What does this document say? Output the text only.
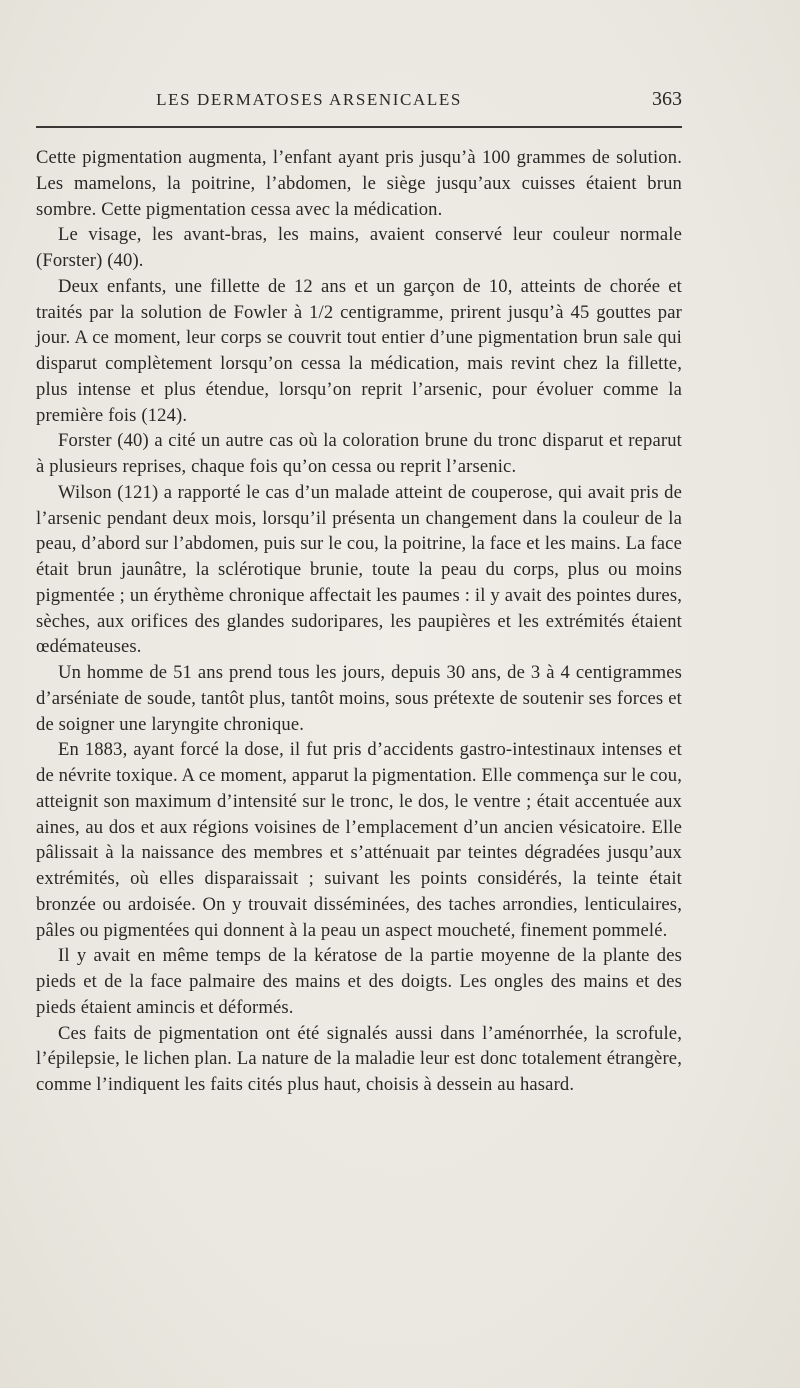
LES DERMATOSES ARSENICALES	363

Cette pigmentation augmenta, l’enfant ayant pris jusqu’à 100 grammes de solution. Les mamelons, la poitrine, l’abdomen, le siège jusqu’aux cuisses étaient brun sombre. Cette pigmentation cessa avec la médication.

Le visage, les avant-bras, les mains, avaient conservé leur couleur normale (Forster) (40).

Deux enfants, une fillette de 12 ans et un garçon de 10, atteints de chorée et traités par la solution de Fowler à 1/2 centigramme, prirent jusqu’à 45 gouttes par jour. A ce moment, leur corps se couvrit tout entier d’une pigmentation brun sale qui disparut complètement lorsqu’on cessa la médication, mais revint chez la fillette, plus intense et plus étendue, lorsqu’on reprit l’arsenic, pour évoluer comme la première fois (124).

Forster (40) a cité un autre cas où la coloration brune du tronc disparut et reparut à plusieurs reprises, chaque fois qu’on cessa ou reprit l’arsenic.

Wilson (121) a rapporté le cas d’un malade atteint de couperose, qui avait pris de l’arsenic pendant deux mois, lorsqu’il présenta un changement dans la couleur de la peau, d’abord sur l’abdomen, puis sur le cou, la poitrine, la face et les mains. La face était brun jaunâtre, la sclérotique brunie, toute la peau du corps, plus ou moins pigmentée ; un érythème chronique affectait les paumes : il y avait des pointes dures, sèches, aux orifices des glandes sudoripares, les paupières et les extrémités étaient œdémateuses.

Un homme de 51 ans prend tous les jours, depuis 30 ans, de 3 à 4 centigrammes d’arséniate de soude, tantôt plus, tantôt moins, sous prétexte de soutenir ses forces et de soigner une laryngite chronique.

En 1883, ayant forcé la dose, il fut pris d’accidents gastro-intestinaux intenses et de névrite toxique. A ce moment, apparut la pigmentation. Elle commença sur le cou, atteignit son maximum d’intensité sur le tronc, le dos, le ventre ; était accentuée aux aines, au dos et aux régions voisines de l’emplacement d’un ancien vésicatoire. Elle pâlissait à la naissance des membres et s’atténuait par teintes dégradées jusqu’aux extrémités, où elles disparaissait ; suivant les points considérés, la teinte était bronzée ou ardoisée. On y trouvait disséminées, des taches arrondies, lenticulaires, pâles ou pigmentées qui donnent à la peau un aspect moucheté, finement pommelé.

Il y avait en même temps de la kératose de la partie moyenne de la plante des pieds et de la face palmaire des mains et des doigts. Les ongles des mains et des pieds étaient amincis et déformés.

Ces faits de pigmentation ont été signalés aussi dans l’aménorrhée, la scrofule, l’épilepsie, le lichen plan. La nature de la maladie leur est donc totalement étrangère, comme l’indiquent les faits cités plus haut, choisis à dessein au hasard.
